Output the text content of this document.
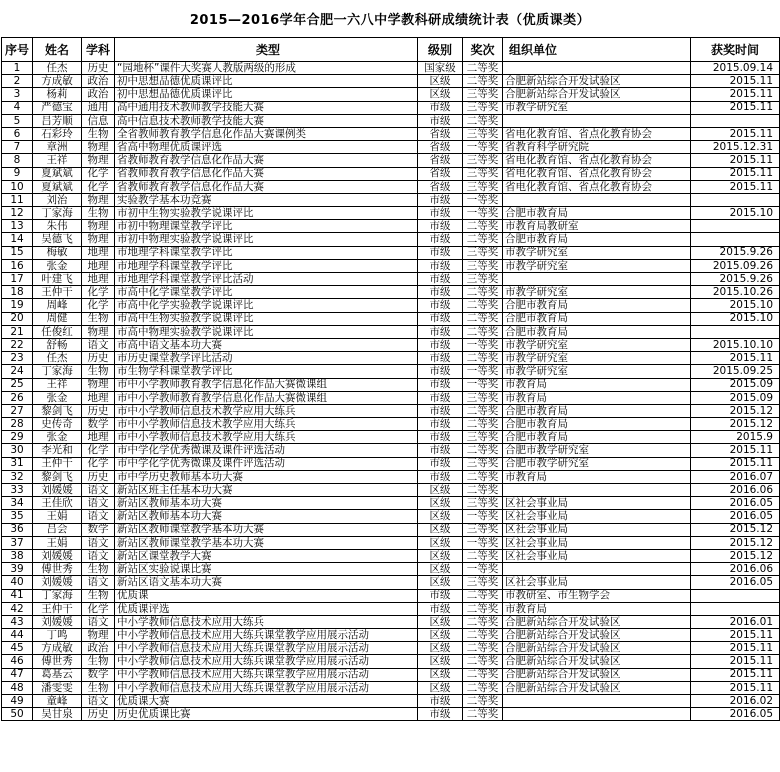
2015—2016学年合肥一六八中学教科研成绩统计表（优质课类）
序号	姓名	学科	类型	级别	奖次	组织单位	获奖时间
1	任杰	历史	“园地杯”课件大奖赛人教版两级的形成	国家级	二等奖		2015.09.14
2	方成敏	政治	初中思想品德优质课评比	区级	二等奖	合肥新站综合开发试验区	2015.11
3	杨莉	政治	初中思想品德优质课评比	区级	三等奖	合肥新站综合开发试验区	2015.11
4	严德宝	通用	高中通用技术教师教学技能大赛	市级	三等奖	市教学研究室	2015.11
5	吕芳顺	信息	高中信息技术教师教学技能大赛	市级	二等奖		
6	石彩玲	生物	全省教师教育教学信息化作品大赛课例类	省级	三等奖	省电化教育馆、省点化教育协会	2015.11
7	章洲	物理	省高中物理优质课评选	省级	一等奖	省教育科学研究院	2015.12.31
8	王祥	物理	省教师教育教学信息化作品大赛	省级	三等奖	省电化教育馆、省点化教育协会	2015.11
9	夏斌斌	化学	省教师教育教学信息化作品大赛	省级	三等奖	省电化教育馆、省点化教育协会	2015.11
10	夏斌斌	化学	省教师教育教学信息化作品大赛	省级	三等奖	省电化教育馆、省点化教育协会	2015.11
11	刘治	物理	实验教学基本功竞赛	市级	一等奖		
12	丁家海	生物	市初中生物实验教学说课评比	市级	一等奖	合肥市教育局	2015.10
13	朱伟	物理	市初中物理课堂教学评比	市级	二等奖	市教育局教研室	
14	吴德飞	物理	市初中物理实验教学说课评比	市级	二等奖	合肥市教育局	
15	梅敏	地理	市地理学科课堂教学评比	市级	三等奖	市教学研究室	2015.9.26
16	张金	地理	市地理学科课堂教学评比	市级	三等奖	市教学研究室	2015.09.26
17	叶建飞	地理	市地理学科课堂教学评比活动	市级	三等奖		2015.9.26
18	王仲干	化学	市高中化学课堂教学评比	市级	二等奖	市教学研究室	2015.10.26
19	周峰	化学	市高中化学实验教学说课评比	市级	二等奖	合肥市教育局	2015.10
20	周健	生物	市高中生物实验教学说课评比	市级	二等奖	合肥市教育局	2015.10
21	任俊红	物理	市高中物理实验教学说课评比	市级	二等奖	合肥市教育局	
22	舒畅	语文	市高中语文基本功大赛	市级	一等奖	市教学研究室	2015.10.10
23	任杰	历史	市历史课堂教学评比活动	市级	二等奖	市教学研究室	2015.11
24	丁家海	生物	市生物学科课堂教学评比	市级	一等奖	市教学研究室	2015.09.25
25	王祥	物理	市中小学教师教育教学信息化作品大赛微课组	市级	一等奖	市教育局	2015.09
26	张金	地理	市中小学教师教育教学信息化作品大赛微课组	市级	三等奖	市教育局	2015.09
27	黎剑飞	历史	市中小学教师信息技术教学应用大练兵	市级	二等奖	合肥市教育局	2015.12
28	史传奇	数学	市中小学教师信息技术教学应用大练兵	市级	二等奖	合肥市教育局	2015.12
29	张金	地理	市中小学教师信息技术教学应用大练兵	市级	三等奖	合肥市教育局	2015.9
30	李光和	化学	市中学化学优秀微课及课件评选活动	市级	二等奖	合肥市教学研究室	2015.11
31	王仲干	化学	市中学化学优秀微课及课件评选活动	市级	三等奖	合肥市教学研究室	2015.11
32	黎剑飞	历史	市中学历史教师基本功大赛	市级	二等奖	市教育局	2016.07
33	刘媛媛	语文	新站区班主任基本功大赛	区级	二等奖		2016.06
34	王佳欣	语文	新站区教师基本功大赛	区级	三等奖	区社会事业局	2016.05
35	王娟	语文	新站区教师基本功大赛	区级	一等奖	区社会事业局	2016.05
36	吕会	数学	新站区教师课堂教学基本功大赛	区级	三等奖	区社会事业局	2015.12
37	王娟	语文	新站区教师课堂教学基本功大赛	区级	一等奖	区社会事业局	2015.12
38	刘媛媛	语文	新站区课堂教学大赛	区级	二等奖	区社会事业局	2015.12
39	傅世秀	生物	新站区实验说课比赛	区级	一等奖		2016.06
40	刘媛媛	语文	新站区语文基本功大赛	区级	三等奖	区社会事业局	2016.05
41	丁家海	生物	优质课	市级	二等奖	市教研室、市生物学会	
42	王仲干	化学	优质课评选	市级	二等奖	市教育局	
43	刘媛媛	语文	中小学教师信息技术应用大练兵	区级	二等奖	合肥新站综合开发试验区	2016.01
44	丁鸣	物理	中小学教师信息技术应用大练兵课堂教学应用展示活动	区级	二等奖	合肥新站综合开发试验区	2015.11
45	方成敏	政治	中小学教师信息技术应用大练兵课堂教学应用展示活动	区级	二等奖	合肥新站综合开发试验区	2015.11
46	傅世秀	生物	中小学教师信息技术应用大练兵课堂教学应用展示活动	区级	二等奖	合肥新站综合开发试验区	2015.11
47	葛基云	数学	中小学教师信息技术应用大练兵课堂教学应用展示活动	区级	二等奖	合肥新站综合开发试验区	2015.11
48	潘雯雯	生物	中小学教师信息技术应用大练兵课堂教学应用展示活动	区级	二等奖	合肥新站综合开发试验区	2015.11
49	童峰	语文	优质课大赛	市级	二等奖		2016.02
50	吴甘泉	历史	历史优质课比赛	市级	二等奖		2016.05
